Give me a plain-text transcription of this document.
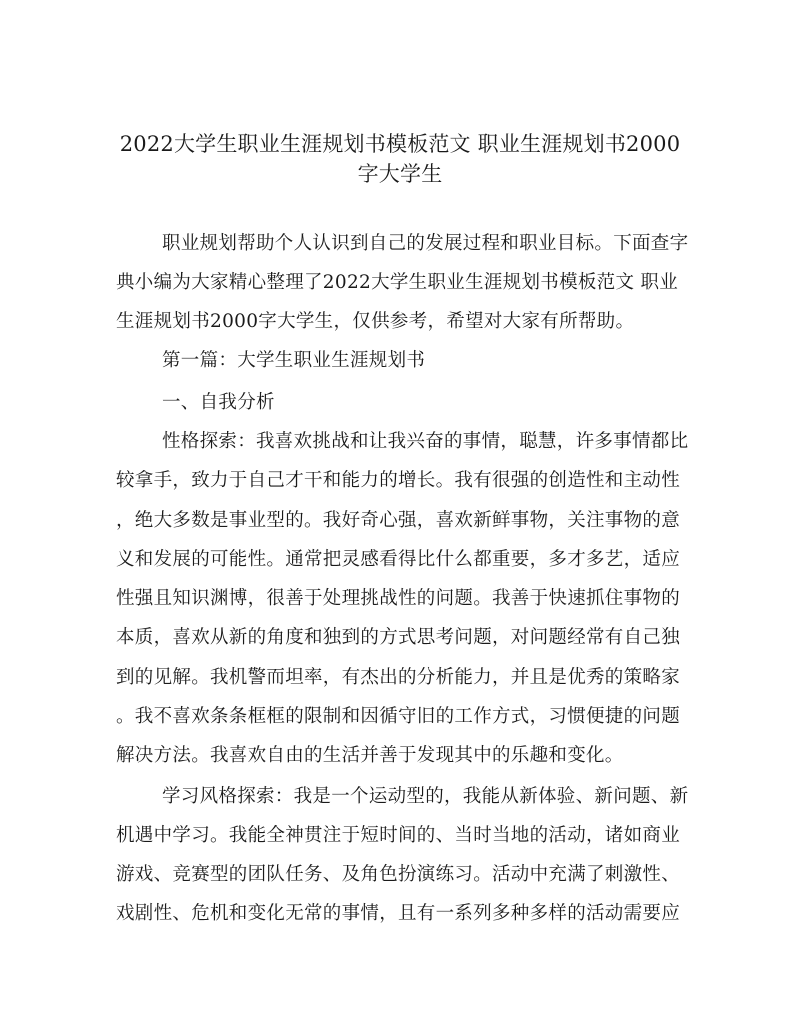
2022大学生职业生涯规划书模板范文 职业生涯规划书2000
字大学生
职业规划帮助个人认识到自己的发展过程和职业目标。下面查字
典小编为大家精心整理了2022大学生职业生涯规划书模板范文 职业
生涯规划书2000字大学生，仅供参考，希望对大家有所帮助。
第一篇：大学生职业生涯规划书
一、自我分析
性格探索：我喜欢挑战和让我兴奋的事情，聪慧，许多事情都比
较拿手，致力于自己才干和能力的增长。我有很强的创造性和主动性
，绝大多数是事业型的。我好奇心强，喜欢新鲜事物，关注事物的意
义和发展的可能性。通常把灵感看得比什么都重要，多才多艺，适应
性强且知识渊博，很善于处理挑战性的问题。我善于快速抓住事物的
本质，喜欢从新的角度和独到的方式思考问题，对问题经常有自己独
到的见解。我机警而坦率，有杰出的分析能力，并且是优秀的策略家
。我不喜欢条条框框的限制和因循守旧的工作方式，习惯便捷的问题
解决方法。我喜欢自由的生活并善于发现其中的乐趣和变化。
学习风格探索：我是一个运动型的，我能从新体验、新问题、新
机遇中学习。我能全神贯注于短时间的、当时当地的活动，诸如商业
游戏、竞赛型的团队任务、及角色扮演练习。活动中充满了刺激性、
戏剧性、危机和变化无常的事情，且有一系列多种多样的活动需要应
